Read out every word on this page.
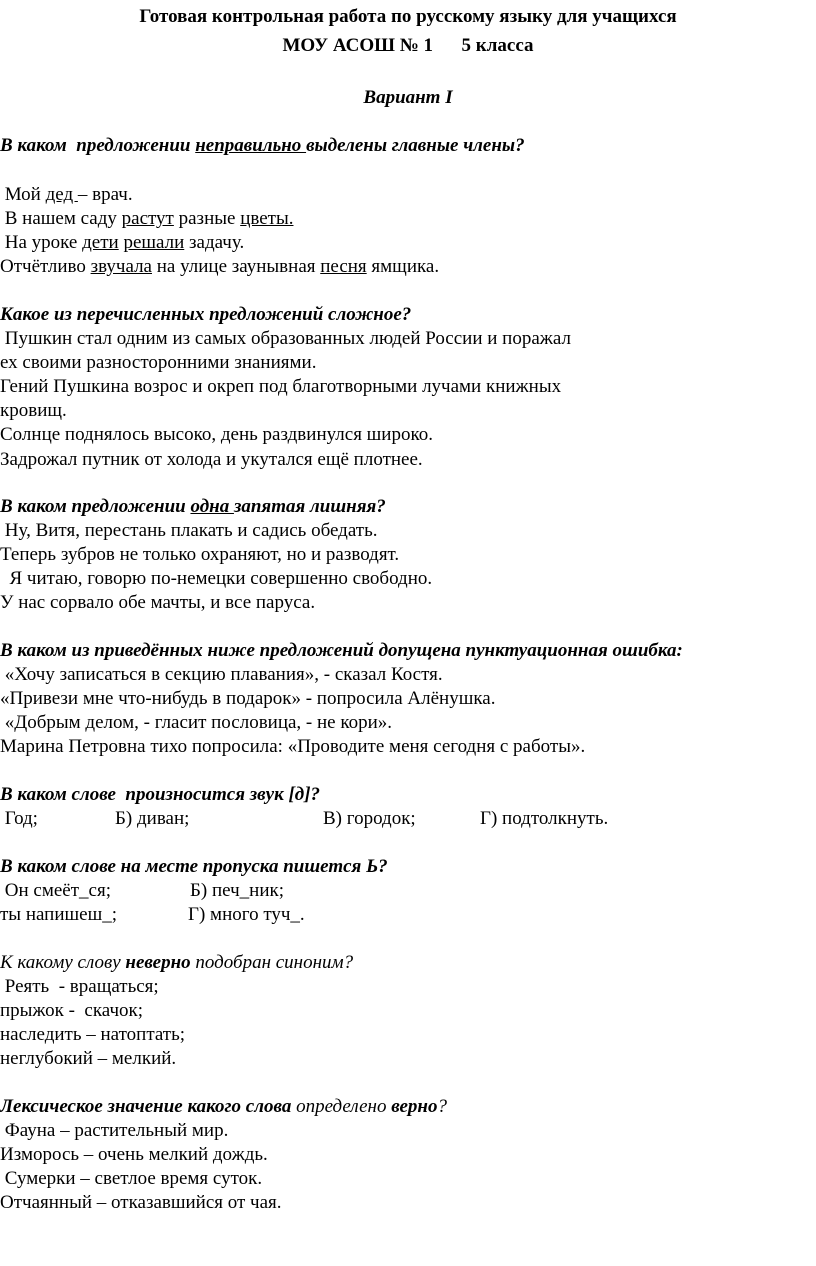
Готовая контрольная работа по русскому языку для учащихся
МОУ АСОШ № 1      5 класса
Вариант I
В каком  предложении неправильно выделены главные члены?
Мой дед – врач.
В нашем саду растут разные цветы.
На уроке дети решали задачу.
Отчётливо звучала на улице заунывная песня ямщика.
Какое из перечисленных предложений сложное?
Пушкин стал одним из самых образованных людей России и поражал
ех своими разносторонними знаниями.
Гений Пушкина возрос и окреп под благотворными лучами книжных
кровищ.
Солнце поднялось высоко, день раздвинулся широко.
Задрожал путник от холода и укутался ещё плотнее.
В каком предложении одна запятая лишняя?
Ну, Витя, перестань плакать и садись обедать.
Теперь зубров не только охраняют, но и разводят.
Я читаю, говорю по-немецки совершенно свободно.
У нас сорвало обе мачты, и все паруса.
В каком из приведённых ниже предложений допущена пунктуационная ошибка:
«Хочу записаться в секцию плавания», - сказал Костя.
«Привези мне что-нибудь в подарок» - попросила Алёнушка.
«Добрым делом, - гласит пословица, - не кори».
Марина Петровна тихо попросила: «Проводите меня сегодня с работы».
В каком слове  произносится звук [д]?
Год;	Б) диван;	В) городок;	Г) подтолкнуть.
В каком слове на месте пропуска пишется Ь?
Он смеёт_ся;	Б) печ_ник;
ты напишеш_;	Г) много туч_.
К какому слову неверно подобран синоним?
Реять  - вращаться;
прыжок -  скачок;
наследить – натоптать;
неглубокий – мелкий.
Лексическое значение какого слова определено верно?
Фауна – растительный мир.
Изморось – очень мелкий дождь.
Сумерки – светлое время суток.
Отчаянный – отказавшийся от чая.
